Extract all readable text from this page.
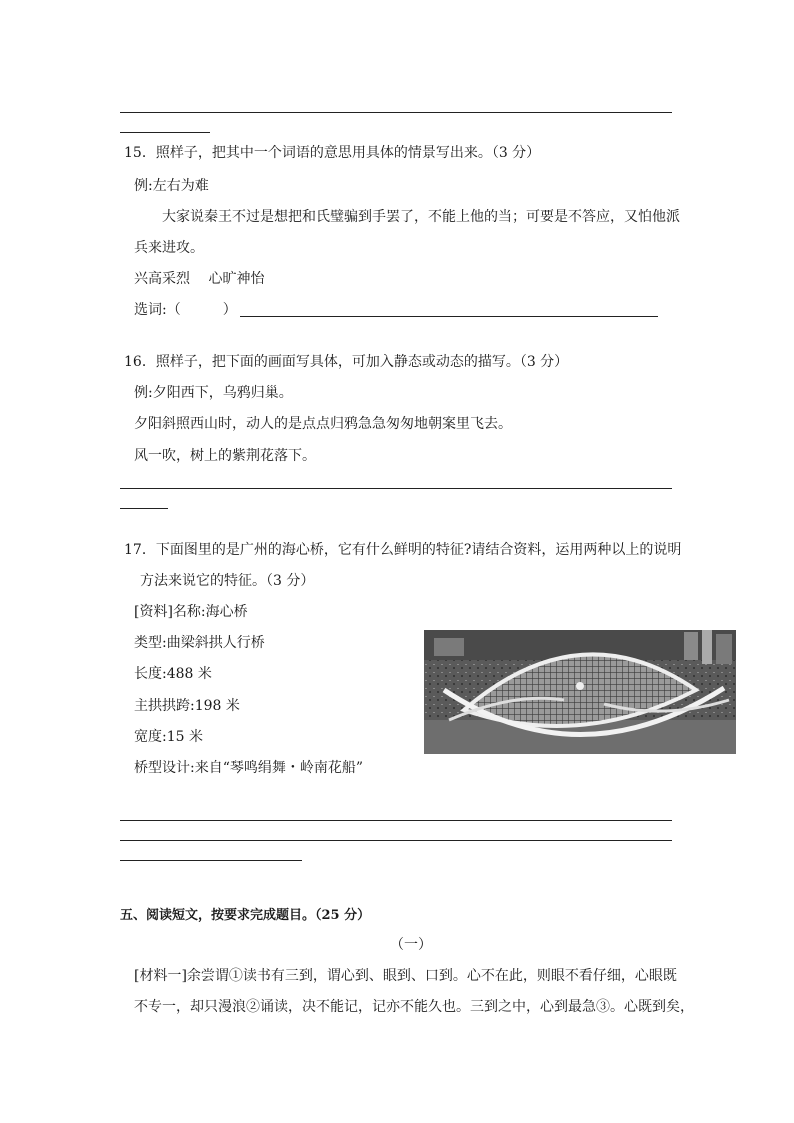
15．照样子，把其中一个词语的意思用具体的情景写出来。（3 分）
例:左右为难
大家说秦王不过是想把和氏璧骗到手罢了，不能上他的当；可要是不答应，又怕他派
兵来进攻。
兴高采烈　 心旷神怡
选词:（　　　）
16．照样子，把下面的画面写具体，可加入静态或动态的描写。（3 分）
例:夕阳西下，乌鸦归巢。
夕阳斜照西山时，动人的是点点归鸦急急匆匆地朝案里飞去。
风一吹，树上的紫荆花落下。
17．下面图里的是广州的海心桥，它有什么鲜明的特征?请结合资料，运用两种以上的说明
方法来说它的特征。（3 分）
[资料]名称:海心桥
类型:曲梁斜拱人行桥
长度:488 米
主拱拱跨:198 米
宽度:15 米
桥型设计:来自“琴鸣绢舞・岭南花船”
五、阅读短文，按要求完成题目。（25 分）
（一）
[材料一]余尝谓①读书有三到，谓心到、眼到、口到。心不在此，则眼不看仔细，心眼既
不专一，却只漫浪②诵读，决不能记，记亦不能久也。三到之中，心到最急③。心既到矣，
